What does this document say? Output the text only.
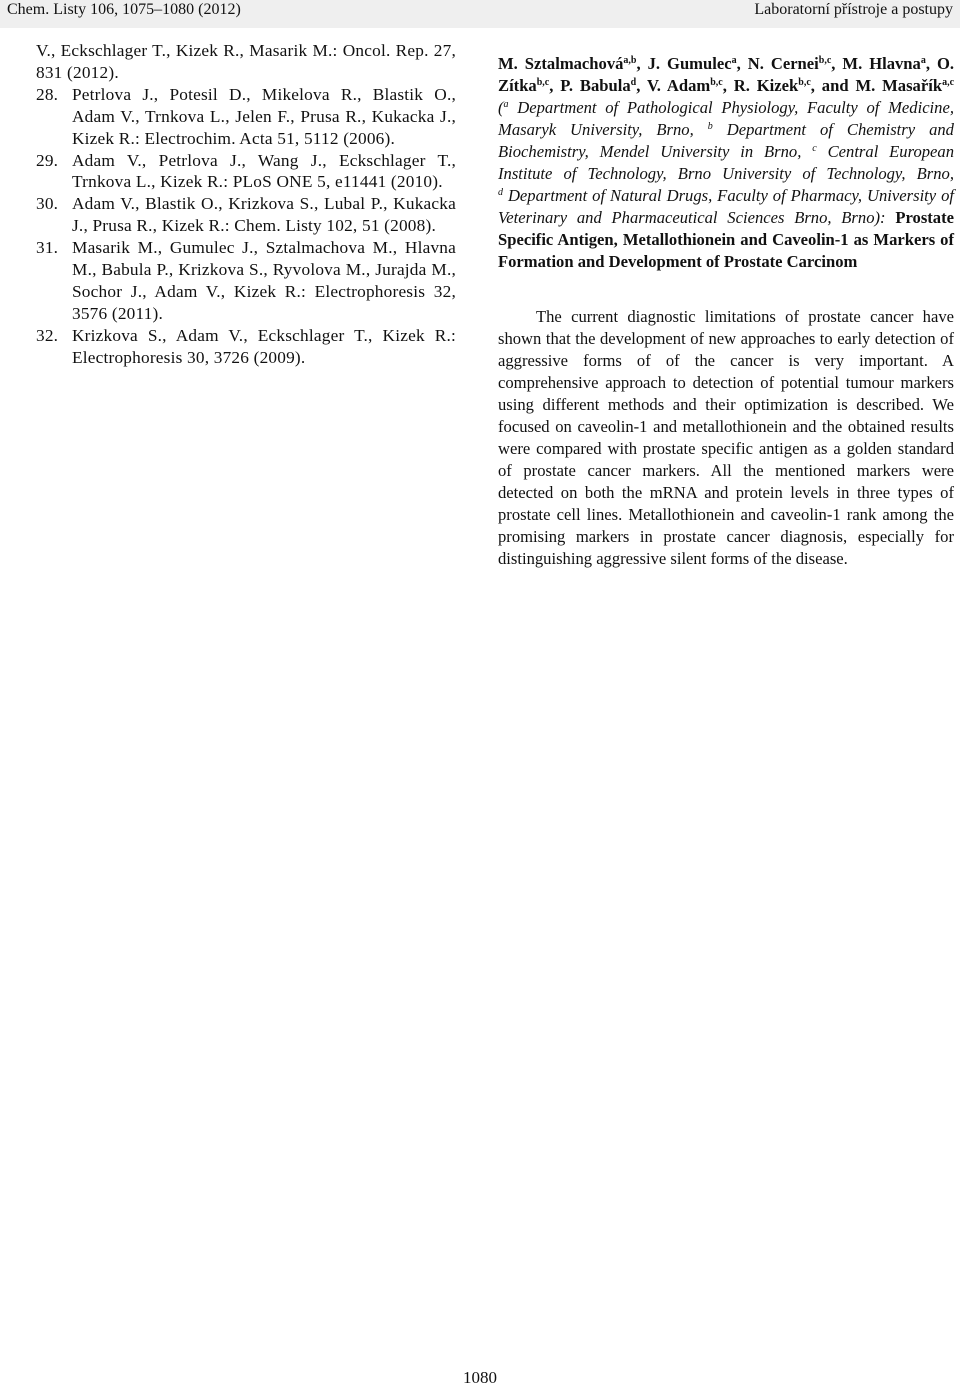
Chem. Listy 106, 1075–1080 (2012)	Laboratorní přístroje a postupy
V., Eckschlager T., Kizek R., Masarik M.: Oncol. Rep. 27, 831 (2012).
28. Petrlova J., Potesil D., Mikelova R., Blastik O., Adam V., Trnkova L., Jelen F., Prusa R., Kukacka J., Kizek R.: Electrochim. Acta 51, 5112 (2006).
29. Adam V., Petrlova J., Wang J., Eckschlager T., Trnkova L., Kizek R.: PLoS ONE 5, e11441 (2010).
30. Adam V., Blastik O., Krizkova S., Lubal P., Kukacka J., Prusa R., Kizek R.: Chem. Listy 102, 51 (2008).
31. Masarik M., Gumulec J., Sztalmachova M., Hlavna M., Babula P., Krizkova S., Ryvolova M., Jurajda M., Sochor J., Adam V., Kizek R.: Electrophoresis 32, 3576 (2011).
32. Krizkova S., Adam V., Eckschlager T., Kizek R.: Electrophoresis 30, 3726 (2009).
M. Sztalmachová$^{a,b}$, J. Gumulec$^a$, N. Cernei$^{b,c}$, M. Hlavna$^a$, O. Zítka$^{b,c}$, P. Babula$^d$, V. Adam$^{b,c}$, R. Kizek$^{b,c}$, and M. Masařík$^{a,c}$ ($^a$ Department of Pathological Physiology, Faculty of Medicine, Masaryk University, Brno, $^b$ Department of Chemistry and Biochemistry, Mendel University in Brno, $^c$ Central European Institute of Technology, Brno University of Technology, Brno, $^d$ Department of Natural Drugs, Faculty of Pharmacy, University of Veterinary and Pharmaceutical Sciences Brno, Brno): Prostate Specific Antigen, Metallothionein and Caveolin-1 as Markers of Formation and Development of Prostate Carcinom
The current diagnostic limitations of prostate cancer have shown that the development of new approaches to early detection of aggressive forms of of the cancer is very important. A comprehensive approach to detection of potential tumour markers using different methods and their optimization is described. We focused on caveolin-1 and metallothionein and the obtained results were compared with prostate specific antigen as a golden standard of prostate cancer markers. All the mentioned markers were detected on both the mRNA and protein levels in three types of prostate cell lines. Metallothionein and caveolin-1 rank among the promising markers in prostate cancer diagnosis, especially for distinguishing aggressive silent forms of the disease.
1080
